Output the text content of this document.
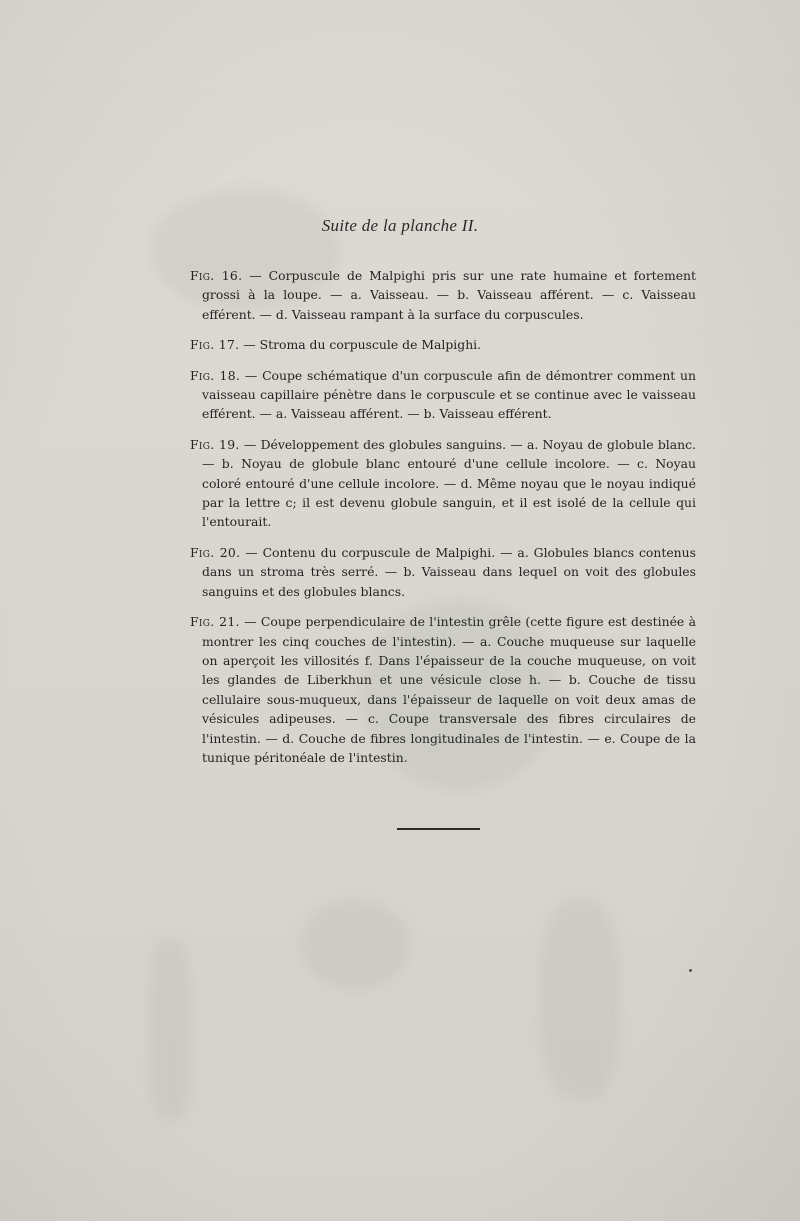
Suite de la planche II.

Fig. 16. — Corpuscule de Malpighi pris sur une rate humaine et fortement grossi à la loupe. — a. Vaisseau. — b. Vaisseau afférent. — c. Vaisseau efférent. — d. Vaisseau rampant à la surface du corpuscules.

Fig. 17. — Stroma du corpuscule de Malpighi.

Fig. 18. — Coupe schématique d'un corpuscule afin de démontrer comment un vaisseau capillaire pénètre dans le corpuscule et se continue avec le vaisseau efférent. — a. Vaisseau afférent. — b. Vaisseau efférent.

Fig. 19. — Développement des globules sanguins. — a. Noyau de globule blanc. — b. Noyau de globule blanc entouré d'une cellule incolore. — c. Noyau coloré entouré d'une cellule incolore. — d. Même noyau que le noyau indiqué par la lettre c; il est devenu globule sanguin, et il est isolé de la cellule qui l'entourait.

Fig. 20. — Contenu du corpuscule de Malpighi. — a. Globules blancs contenus dans un stroma très serré. — b. Vaisseau dans lequel on voit des globules sanguins et des globules blancs.

Fig. 21. — Coupe perpendiculaire de l'intestin grêle (cette figure est destinée à montrer les cinq couches de l'intestin). — a. Couche muqueuse sur laquelle on aperçoit les villosités f. Dans l'épaisseur de la couche muqueuse, on voit les glandes de Liberkhun et une vésicule close h. — b. Couche de tissu cellulaire sous-muqueux, dans l'épaisseur de laquelle on voit deux amas de vésicules adipeuses. — c. Coupe transversale des fibres circulaires de l'intestin. — d. Couche de fibres longitudinales de l'intestin. — e. Coupe de la tunique péritonéale de l'intestin.
